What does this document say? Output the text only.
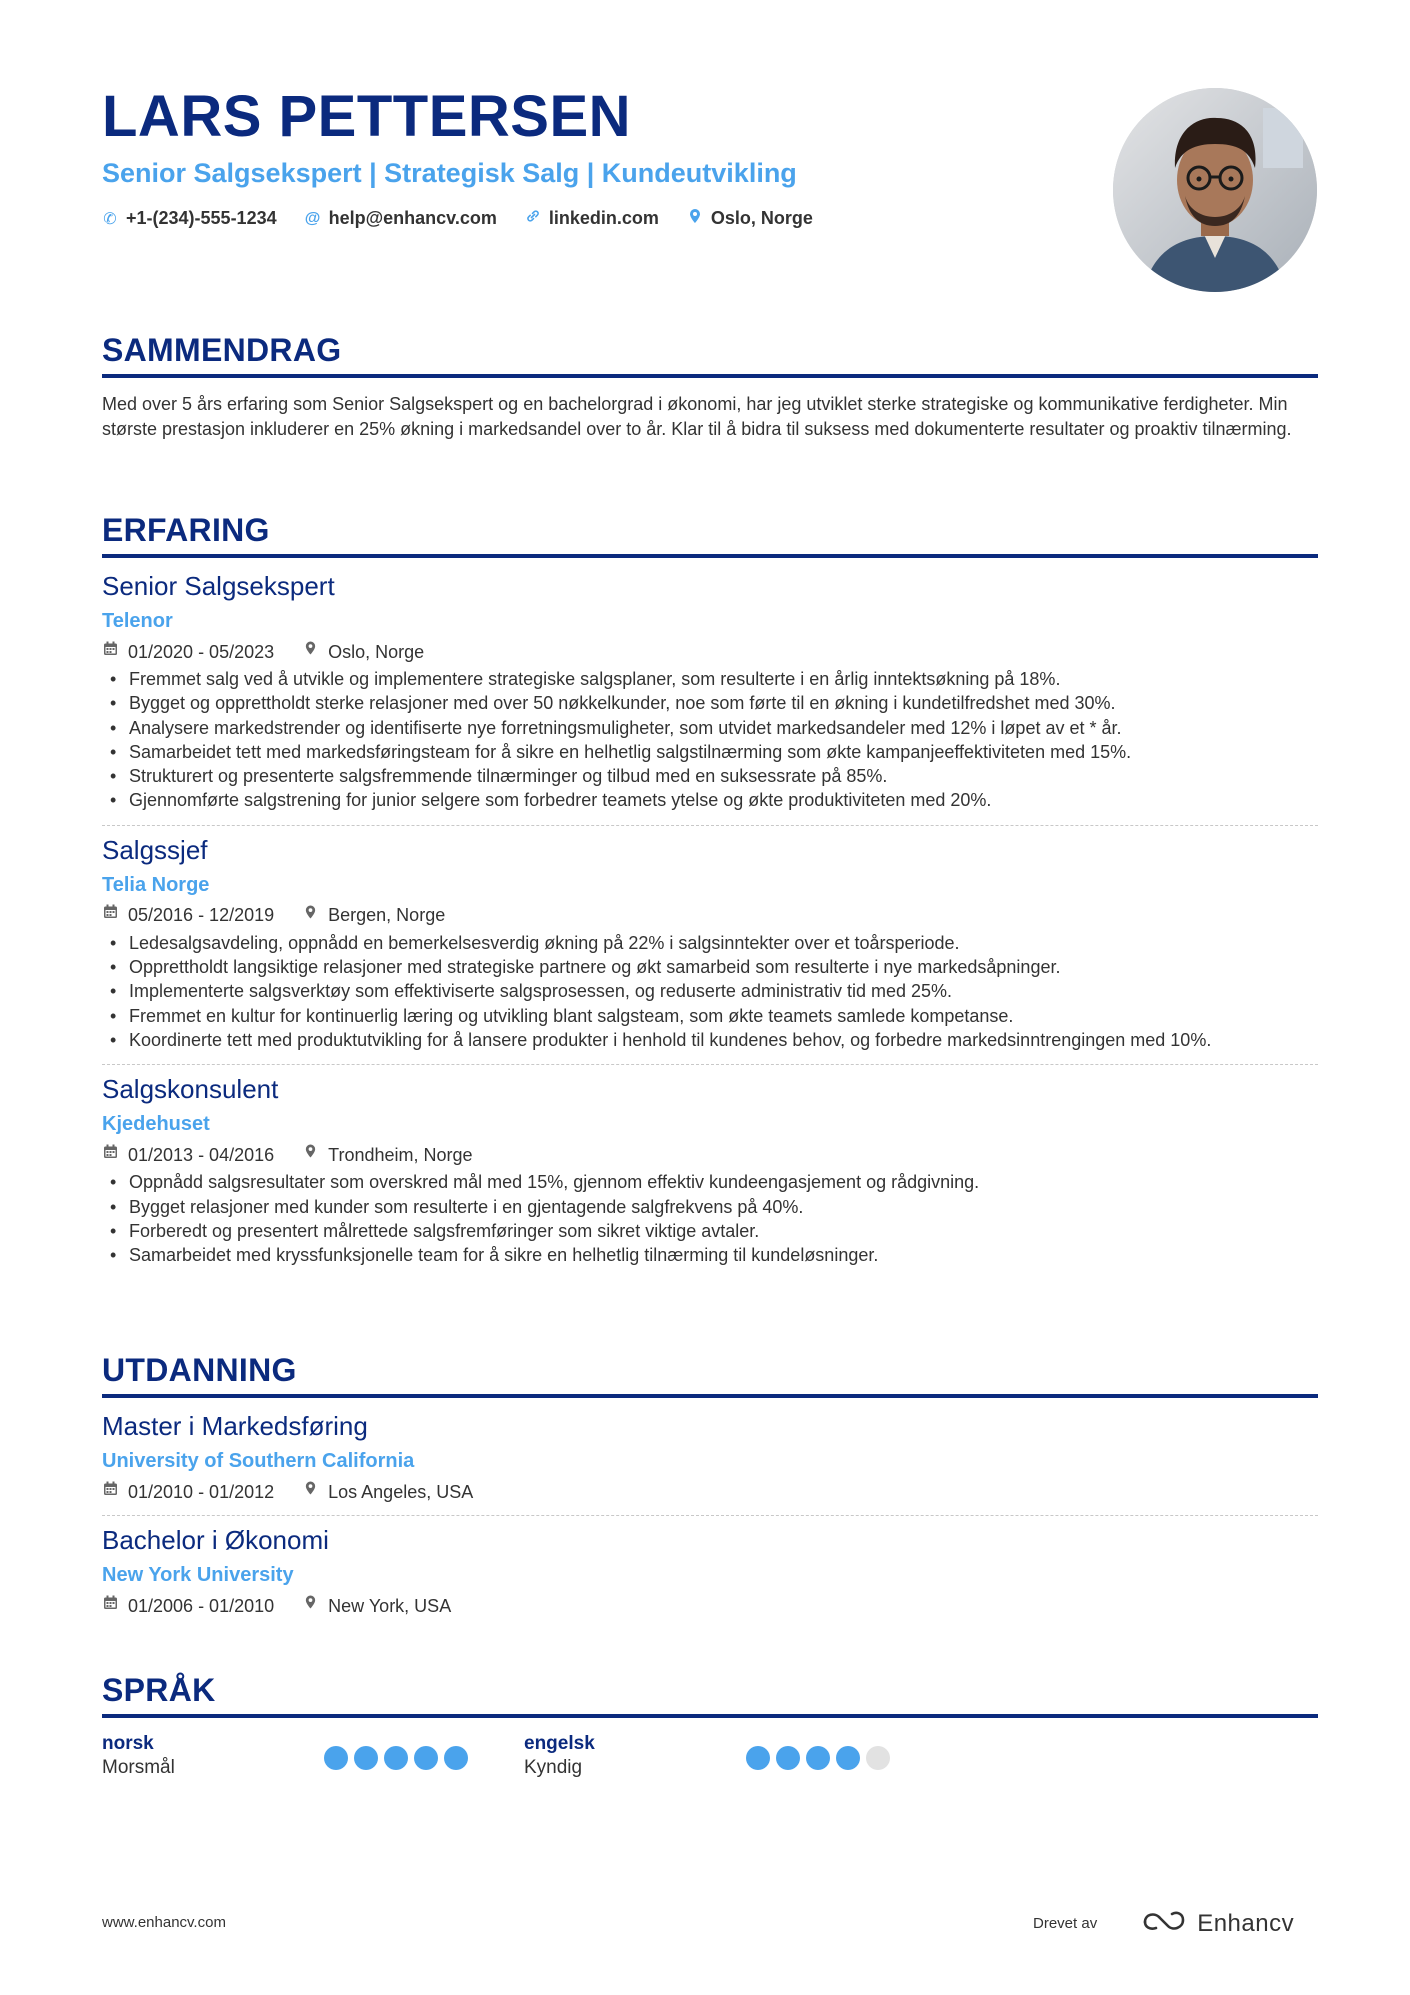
LARS PETTERSEN
Senior Salgsekspert | Strategisk Salg | Kundeutvikling
✆ +1-(234)-555-1234 @ help@enhancv.com	linkedin.com	Oslo, Norge
SAMMENDRAG
Med over 5 års erfaring som Senior Salgsekspert og en bachelorgrad i økonomi, har jeg utviklet sterke strategiske og kommunikative ferdigheter. Min største prestasjon inkluderer en 25% økning i markedsandel over to år. Klar til å bidra til suksess med dokumenterte resultater og proaktiv tilnærming.
ERFARING
Senior Salgsekspert
Telenor
01/2020 - 05/2023	Oslo, Norge
• Fremmet salg ved å utvikle og implementere strategiske salgsplaner, som resulterte i en årlig inntektsøkning på 18%.
• Bygget og opprettholdt sterke relasjoner med over 50 nøkkelkunder, noe som førte til en økning i kundetilfredshet med 30%.
• Analysere markedstrender og identifiserte nye forretningsmuligheter, som utvidet markedsandeler med 12% i løpet av et * år.
• Samarbeidet tett med markedsføringsteam for å sikre en helhetlig salgstilnærming som økte kampanjeeffektiviteten med 15%.
• Strukturert og presenterte salgsfremmende tilnærminger og tilbud med en suksessrate på 85%.
• Gjennomførte salgstrening for junior selgere som forbedrer teamets ytelse og økte produktiviteten med 20%.
Salgssjef
Telia Norge
05/2016 - 12/2019	Bergen, Norge
• Ledesalgsavdeling, oppnådd en bemerkelsesverdig økning på 22% i salgsinntekter over et toårsperiode.
• Opprettholdt langsiktige relasjoner med strategiske partnere og økt samarbeid som resulterte i nye markedsåpninger.
• Implementerte salgsverktøy som effektiviserte salgsprosessen, og reduserte administrativ tid med 25%.
• Fremmet en kultur for kontinuerlig læring og utvikling blant salgsteam, som økte teamets samlede kompetanse.
• Koordinerte tett med produktutvikling for å lansere produkter i henhold til kundenes behov, og forbedre markedsinntrengingen med 10%.
Salgskonsulent
Kjedehuset
01/2013 - 04/2016	Trondheim, Norge
• Oppnådd salgsresultater som overskred mål med 15%, gjennom effektiv kundeengasjement og rådgivning.
• Bygget relasjoner med kunder som resulterte i en gjentagende salgfrekvens på 40%.
• Forberedt og presentert målrettede salgsfremføringer som sikret viktige avtaler.
• Samarbeidet med kryssfunksjonelle team for å sikre en helhetlig tilnærming til kundeløsninger.
UTDANNING
Master i Markedsføring
University of Southern California
01/2010 - 01/2012	Los Angeles, USA
Bachelor i Økonomi
New York University
01/2006 - 01/2010	New York, USA
SPRÅK
norsk
Morsmål
engelsk
Kyndig
www.enhancv.com	Drevet av	Enhancv
